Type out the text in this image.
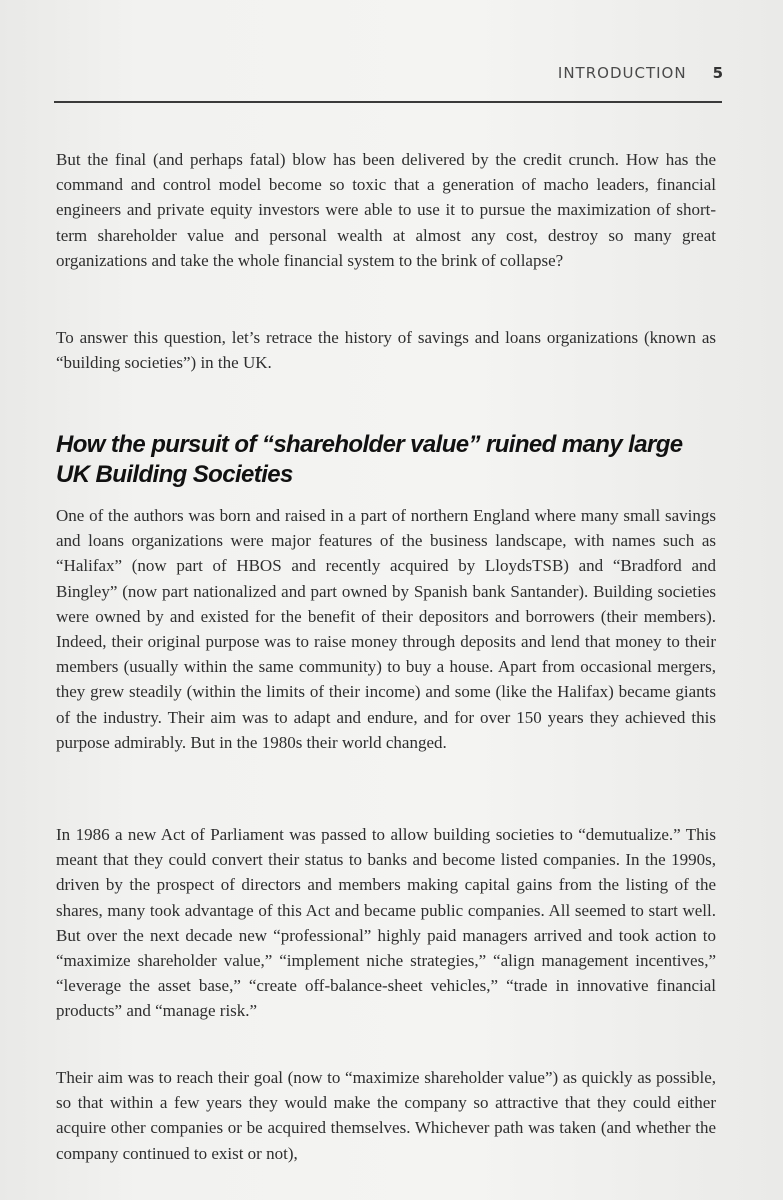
INTRODUCTION 5

But the final (and perhaps fatal) blow has been delivered by the credit crunch. How has the command and control model become so toxic that a generation of macho leaders, financial engineers and private equity investors were able to use it to pursue the maximization of short-term shareholder value and personal wealth at almost any cost, destroy so many great organizations and take the whole financial system to the brink of collapse?

To answer this question, let’s retrace the history of savings and loans organizations (known as “building societies”) in the UK.

How the pursuit of “shareholder value” ruined many large UK Building Societies

One of the authors was born and raised in a part of northern England where many small savings and loans organizations were major features of the business landscape, with names such as “Halifax” (now part of HBOS and recently acquired by LloydsTSB) and “Bradford and Bingley” (now part nationalized and part owned by Spanish bank Santander). Building societies were owned by and existed for the benefit of their depositors and borrowers (their members). Indeed, their original purpose was to raise money through deposits and lend that money to their members (usually within the same community) to buy a house. Apart from occasional mergers, they grew steadily (within the limits of their income) and some (like the Halifax) became giants of the industry. Their aim was to adapt and endure, and for over 150 years they achieved this purpose admirably. But in the 1980s their world changed.

In 1986 a new Act of Parliament was passed to allow building societies to “demutualize.” This meant that they could convert their status to banks and become listed companies. In the 1990s, driven by the prospect of directors and members making capital gains from the listing of the shares, many took advantage of this Act and became public companies. All seemed to start well. But over the next decade new “professional” highly paid managers arrived and took action to “maximize shareholder value,” “implement niche strategies,” “align management incentives,” “leverage the asset base,” “create off-balance-sheet vehicles,” “trade in innovative financial products” and “manage risk.”

Their aim was to reach their goal (now to “maximize shareholder value”) as quickly as possible, so that within a few years they would make the company so attractive that they could either acquire other companies or be acquired themselves. Whichever path was taken (and whether the company continued to exist or not),
